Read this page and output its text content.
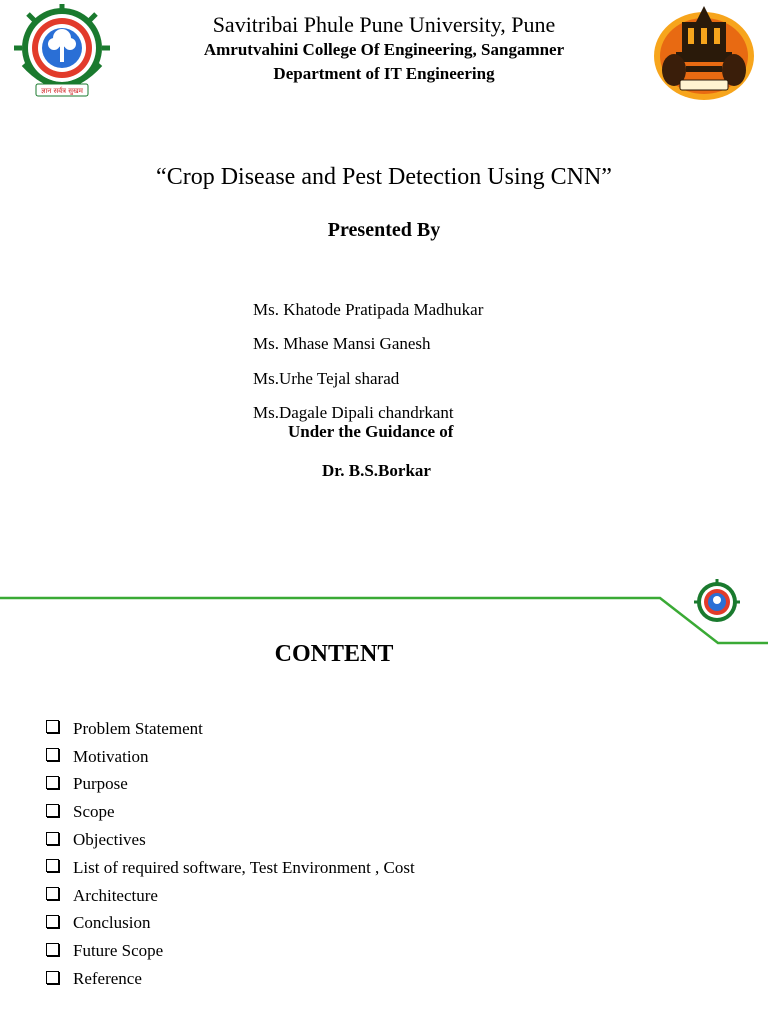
ज्ञान सर्वत्र सुखम
Savitribai Phule Pune University, Pune
Amrutvahini College Of Engineering, Sangamner
Department of IT Engineering
“Crop Disease and Pest Detection Using CNN”
Presented By
Ms. Khatode Pratipada Madhukar
Ms. Mhase Mansi Ganesh
Ms.Urhe Tejal sharad
Ms.Dagale Dipali chandrkant
Under the Guidance of
Dr. B.S.Borkar
CONTENT
Problem Statement
Motivation
Purpose
Scope
Objectives
List of required software, Test Environment , Cost
Architecture
Conclusion
Future Scope
Reference
